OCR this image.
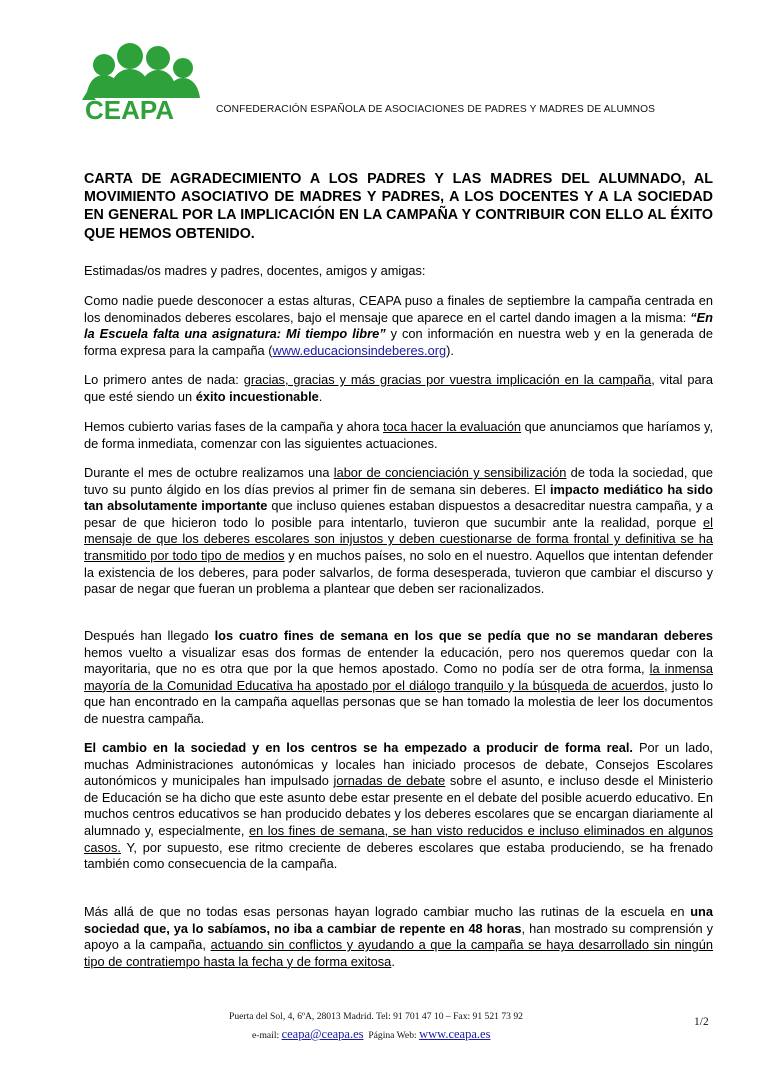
CEAPA	CONFEDERACIÓN ESPAÑOLA DE ASOCIACIONES DE PADRES Y MADRES DE ALUMNOS
CARTA DE AGRADECIMIENTO A LOS PADRES Y LAS MADRES DEL ALUMNADO, AL MOVIMIENTO ASOCIATIVO DE MADRES Y PADRES, A LOS DOCENTES Y A LA SOCIEDAD EN GENERAL POR LA IMPLICACIÓN EN LA CAMPAÑA Y CONTRIBUIR CON ELLO AL ÉXITO QUE HEMOS OBTENIDO.

Estimadas/os madres y padres, docentes, amigos y amigas:

Como nadie puede desconocer a estas alturas, CEAPA puso a finales de septiembre la campaña centrada en los denominados deberes escolares, bajo el mensaje que aparece en el cartel dando imagen a la misma: “En la Escuela falta una asignatura: Mi tiempo libre” y con información en nuestra web y en la generada de forma expresa para la campaña (www.educacionsindeberes.org).

Lo primero antes de nada: gracias, gracias y más gracias por vuestra implicación en la campaña, vital para que esté siendo un éxito incuestionable.

Hemos cubierto varias fases de la campaña y ahora toca hacer la evaluación que anunciamos que haríamos y, de forma inmediata, comenzar con las siguientes actuaciones.

Durante el mes de octubre realizamos una labor de concienciación y sensibilización de toda la sociedad, que tuvo su punto álgido en los días previos al primer fin de semana sin deberes. El impacto mediático ha sido tan absolutamente importante que incluso quienes estaban dispuestos a desacreditar nuestra campaña, y a pesar de que hicieron todo lo posible para intentarlo, tuvieron que sucumbir ante la realidad, porque el mensaje de que los deberes escolares son injustos y deben cuestionarse de forma frontal y definitiva se ha transmitido por todo tipo de medios y en muchos países, no solo en el nuestro. Aquellos que intentan defender la existencia de los deberes, para poder salvarlos, de forma desesperada, tuvieron que cambiar el discurso y pasar de negar que fueran un problema a plantear que deben ser racionalizados.

Después han llegado los cuatro fines de semana en los que se pedía que no se mandaran deberes hemos vuelto a visualizar esas dos formas de entender la educación, pero nos queremos quedar con la mayoritaria, que no es otra que por la que hemos apostado. Como no podía ser de otra forma, la inmensa mayoría de la Comunidad Educativa ha apostado por el diálogo tranquilo y la búsqueda de acuerdos, justo lo que han encontrado en la campaña aquellas personas que se han tomado la molestia de leer los documentos de nuestra campaña.

El cambio en la sociedad y en los centros se ha empezado a producir de forma real. Por un lado, muchas Administraciones autonómicas y locales han iniciado procesos de debate, Consejos Escolares autonómicos y municipales han impulsado jornadas de debate sobre el asunto, e incluso desde el Ministerio de Educación se ha dicho que este asunto debe estar presente en el debate del posible acuerdo educativo. En muchos centros educativos se han producido debates y los deberes escolares que se encargan diariamente al alumnado y, especialmente, en los fines de semana, se han visto reducidos e incluso eliminados en algunos casos. Y, por supuesto, ese ritmo creciente de deberes escolares que estaba produciendo, se ha frenado también como consecuencia de la campaña.

Más allá de que no todas esas personas hayan logrado cambiar mucho las rutinas de la escuela en una sociedad que, ya lo sabíamos, no iba a cambiar de repente en 48 horas, han mostrado su comprensión y apoyo a la campaña, actuando sin conflictos y ayudando a que la campaña se haya desarrollado sin ningún tipo de contratiempo hasta la fecha y de forma exitosa.

Puerta del Sol, 4, 6ºA, 28013 Madrid. Tel: 91 701 47 10 – Fax: 91 521 73 92
e-mail: ceapa@ceapa.es Página Web: www.ceapa.es
1/2
